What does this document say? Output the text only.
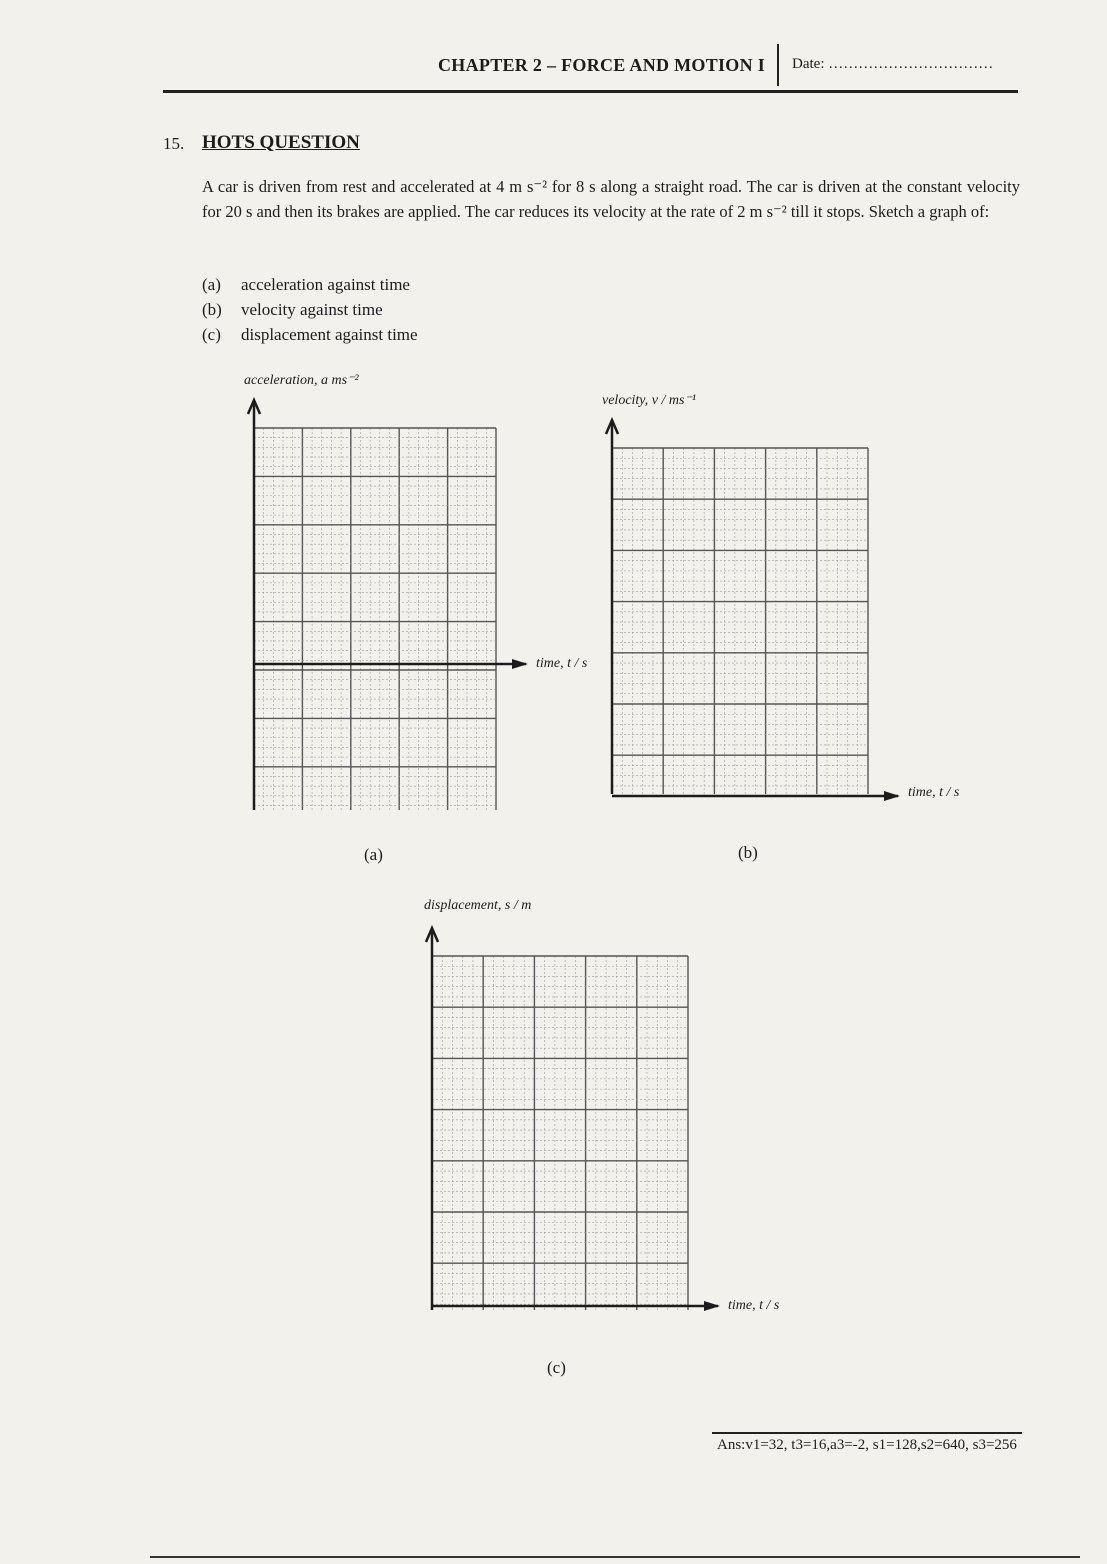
CHAPTER 2 – FORCE AND MOTION I Date: ……………………………
15. HOTS QUESTION
A car is driven from rest and accelerated at 4 m s⁻² for 8 s along a straight road. The car is driven at the constant velocity for 20 s and then its brakes are applied. The car reduces its velocity at the rate of 2 m s⁻² till it stops. Sketch a graph of:
(a)	acceleration against time
(b)	velocity against time
(c)	displacement against time
acceleration, a ms⁻²
time, t / s
(a)
velocity, v / ms⁻¹
time, t / s
(b)
displacement, s / m
time, t / s
(c)
Ans:v1=32, t3=16,a3=-2, s1=128,s2=640, s3=256
